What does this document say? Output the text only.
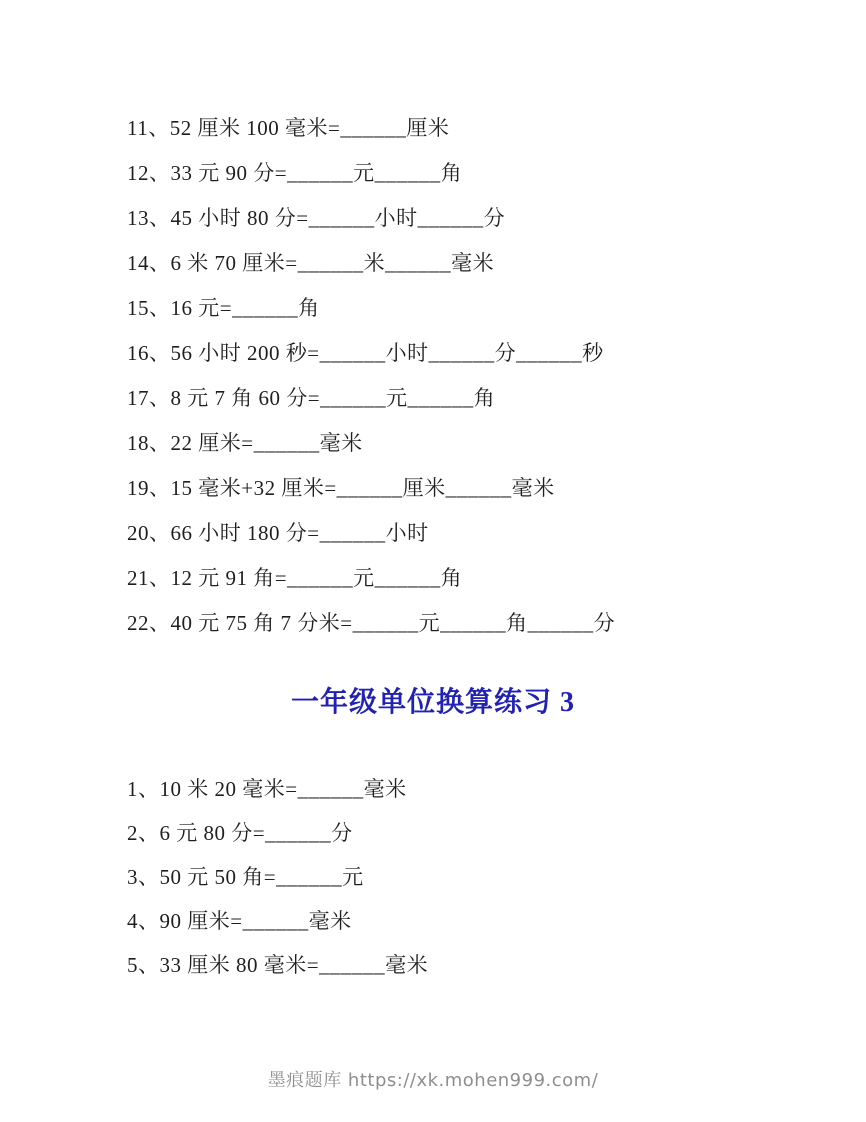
11、52 厘米 100 毫米=______厘米
12、33 元 90 分=______元______角
13、45 小时 80 分=______小时______分
14、6 米 70 厘米=______米______毫米
15、16 元=______角
16、56 小时 200 秒=______小时______分______秒
17、8 元 7 角 60 分=______元______角
18、22 厘米=______毫米
19、15 毫米+32 厘米=______厘米______毫米
20、66 小时 180 分=______小时
21、12 元 91 角=______元______角
22、40 元 75 角 7 分米=______元______角______分
一年级单位换算练习 3
1、10 米 20 毫米=______毫米
2、6 元 80 分=______分
3、50 元 50 角=______元
4、90 厘米=______毫米
5、33 厘米 80 毫米=______毫米
墨痕题库 https://xk.mohen999.com/
